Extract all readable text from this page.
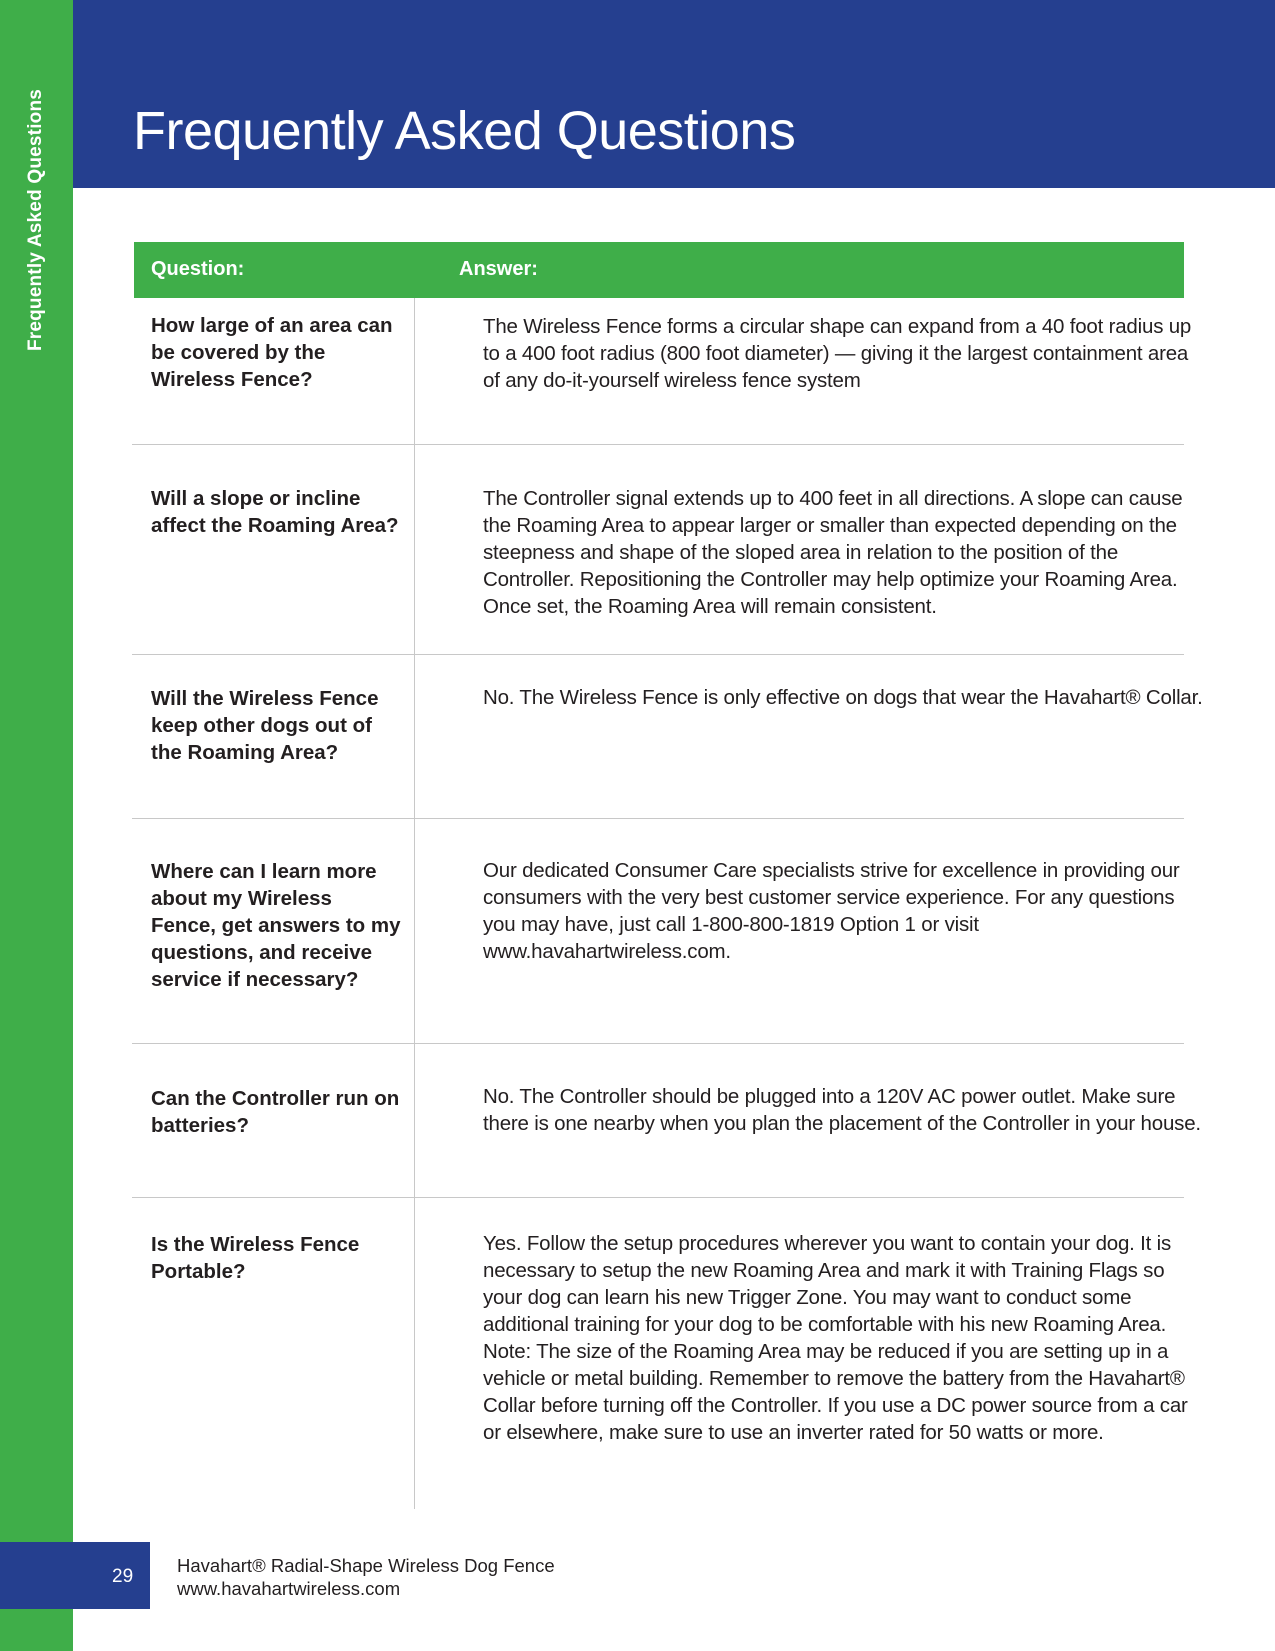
Frequently Asked Questions Frequently Asked Questions
Question:	Answer:

How large of an area can be covered by the Wireless Fence?

The Wireless Fence forms a circular shape can expand from a 40 foot radius up to a 400 foot radius (800 foot diameter) — giving it the largest containment area of any do-it-yourself wireless fence system

Will a slope or incline affect the Roaming Area?

The Controller signal extends up to 400 feet in all directions. A slope can cause the Roaming Area to appear larger or smaller than expected depending on the steepness and shape of the sloped area in relation to the position of the Controller. Repositioning the Controller may help optimize your Roaming Area. Once set, the Roaming Area will remain consistent.

Will the Wireless Fence keep other dogs out of the Roaming Area?

No. The Wireless Fence is only effective on dogs that wear the Havahart® Collar.

Where can I learn more about my Wireless Fence, get answers to my questions, and receive service if necessary?

Our dedicated Consumer Care specialists strive for excellence in providing our consumers with the very best customer service experience. For any questions you may have, just call 1-800-800-1819 Option 1 or visit www.havahartwireless.com.

Can the Controller run on batteries?

No. The Controller should be plugged into a 120V AC power outlet. Make sure there is one nearby when you plan the placement of the Controller in your house.

Is the Wireless Fence Portable?

Yes. Follow the setup procedures wherever you want to contain your dog. It is necessary to setup the new Roaming Area and mark it with Training Flags so your dog can learn his new Trigger Zone. You may want to conduct some additional training for your dog to be comfortable with his new Roaming Area. Note: The size of the Roaming Area may be reduced if you are setting up in a vehicle or metal building. Remember to remove the battery from the Havahart® Collar before turning off the Controller. If you use a DC power source from a car or elsewhere, make sure to use an inverter rated for 50 watts or more.

29
Havahart® Radial-Shape Wireless Dog Fence
www.havahartwireless.com
